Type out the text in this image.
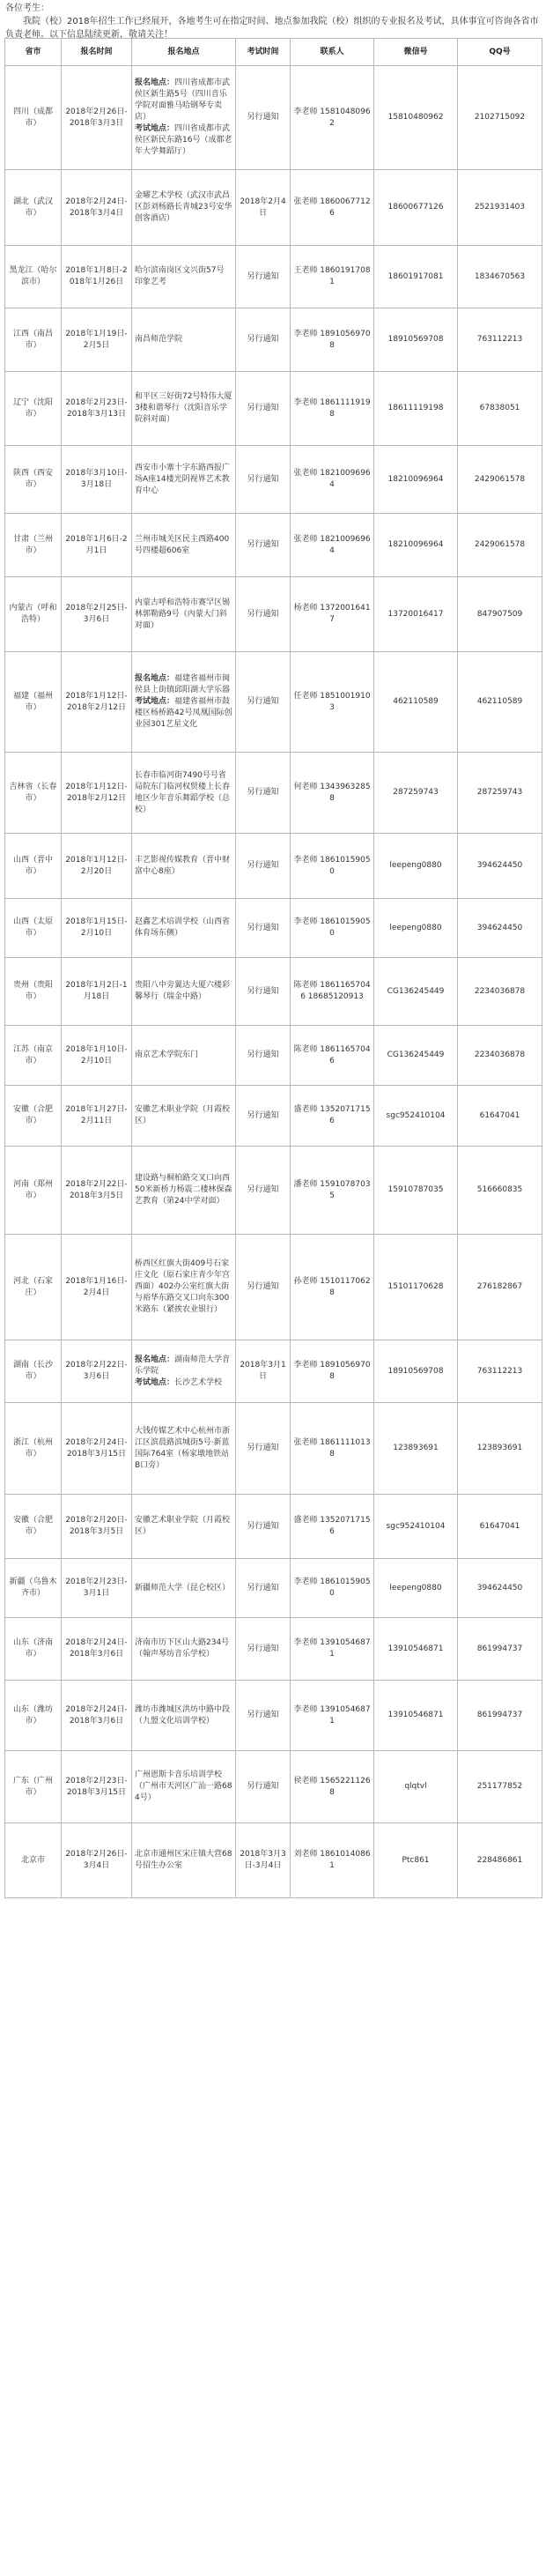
各位考生：

我院（校）2018年招生工作已经展开，各地考生可在指定时间、地点参加我院（校）组织的专业报名及考试，具体事宜可咨询各省市负责老师。以下信息陆续更新，敬请关注！

省市	报名时间	报名地点	考试时间	联系人	微信号	QQ号
四川（成都市）	2018年2月26日-2018年3月3日	报名地点：四川省成都市武侯区新生路5号（四川音乐学院对面雅马哈钢琴专卖店）
考试地点：四川省成都市武侯区新民东路16号（成都老年大学舞蹈厅）	另行通知	李老师 15810480962	15810480962	2102715092
湖北（武汉市）	2018年2月24日-2018年3月4日	金曜艺术学校（武汉市武昌区彭刘杨路长青城23号安华创客酒店）	2018年2月4日	张老师 18600677126	18600677126	2521931403
黑龙江（哈尔滨市）	2018年1月8日-2018年1月26日	哈尔滨南岗区文兴街57号 印象艺考	另行通知	王老师 18601917081	18601917081	1834670563
江西（南昌市）	2018年1月19日-2月5日	南昌师范学院	另行通知	李老师 18910569708	18910569708	763112213
辽宁（沈阳市）	2018年2月23日-2018年3月13日	和平区三好街72号特伟大厦3楼和谐琴行（沈阳音乐学院斜对面）	另行通知	李老师 18611119198	18611119198	67838051
陕西（西安市）	2018年3月10日-3月18日	西安市小寨十字东路西报广场A座14楼光阴视界艺术教育中心	另行通知	张老师 18210096964	18210096964	2429061578
甘肃（兰州市）	2018年1月6日-2月1日	兰州市城关区民主西路400号四楼超606室	另行通知	张老师 18210096964	18210096964	2429061578
内蒙古（呼和浩特）	2018年2月25日-3月6日	内蒙古呼和浩特市赛罕区锡林郭勒路9号（內蒙大门斜对面）	另行通知	杨老师 13720016417	13720016417	847907509
福建（福州市）	2018年1月12日-2018年2月12日	报名地点：福建省福州市闽侯县上街镇邱阳湖大学乐器
考试地点：福建省福州市鼓楼区杨桥路42号凤凰国际创业园301艺星文化	另行通知	任老师 18510019103	462110589	462110589
吉林省（长春市）	2018年1月12日-2018年2月12日	长春市临河街7490号号省局院东门临河权贸楼上长春地区少年音乐舞蹈学校（总校）	另行通知	何老师 13439632858	287259743	287259743
山西（晋中市）	2018年1月12日-2月20日	丰艺影视传媒教育（晋中财富中心8座）	另行通知	李老师 18610159050	leepeng0880	394624450
山西（太原市）	2018年1月15日-2月10日	赵鑫艺术培训学校（山西省体育场东侧）	另行通知	李老师 18610159050	leepeng0880	394624450
贵州（贵阳市）	2018年1月2日-1月18日	贵阳八中旁翼达大厦六楼彩馨琴行（瑞金中路）	另行通知	陈老师 18611657046 18685120913	CG136245449	2234036878
江苏（南京市）	2018年1月10日-2月10日	南京艺术学院东门	另行通知	陈老师 18611657046	CG136245449	2234036878
安徽（合肥市）	2018年1月27日-2月11日	安徽艺术职业学院（月霞校区）	另行通知	盛老师 13520717156	sgc952410104	61647041
河南（郑州市）	2018年2月22日-2018年3月5日	建设路与桐柏路交叉口向西50米新桥力杨震二楼林保森艺教育（第24中学对面）	另行通知	潘老师 15910787035	15910787035	516660835
河北（石家庄）	2018年1月16日-2月4日	桥西区红旗大街409号石家庄文化（原石家庄青少年宫西面）402办公室红旗大街与裕华东路交叉口向东300米路东（紧挨农业银行）	另行通知	孙老师 15101170628	15101170628	276182867
湖南（长沙市）	2018年2月22日-3月6日	报名地点：湖南师范大学音乐学院
考试地点：长沙艺术学校	2018年3月1日	李老师 18910569708	18910569708	763112213
浙江（杭州市）	2018年2月24日-2018年3月15日	大钱传媒艺术中心杭州市浙江区滨晨路滨城街5号·新蓝国际764室（杨家墩地铁站B口旁）	另行通知	张老师 18611110138	123893691	123893691
安徽（合肥市）	2018年2月20日-2018年3月5日	安徽艺术职业学院（月霞校区）	另行通知	盛老师 13520717156	sgc952410104	61647041
新疆（乌鲁木齐市）	2018年2月23日-3月1日	新疆师范大学（昆仑校区）	另行通知	李老师 18610159050	leepeng0880	394624450
山东（济南市）	2018年2月24日-2018年3月6日	济南市历下区山大路234号（翰声琴坊音乐学校）	另行通知	李老师 13910546871	13910546871	861994737
山东（潍坊市）	2018年2月24日-2018年3月6日	潍坊市潍城区洪坊中路中段（九盟文化培训学校）	另行通知	李老师 13910546871	13910546871	861994737
广东（广州市）	2018年2月23日-2018年3月15日	广州恩斯卡音乐培训学校（广州市天河区广汕一路684号）	另行通知	侯老师 15652211268	qlqtvl	251177852
北京市	2018年2月26日-3月4日	北京市通州区宋庄镇大营68号招生办公室	2018年3月3日-3月4日	刘老师 18610140861	Ptc861	228486861
